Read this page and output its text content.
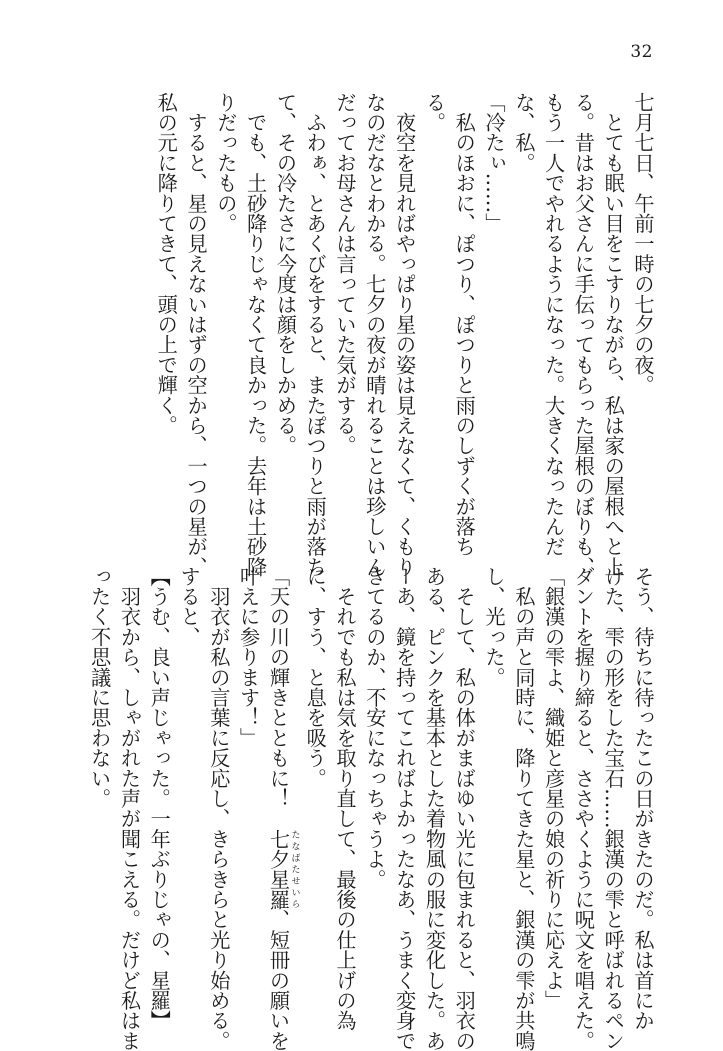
32

七月七日、午前一時の七夕の夜。

　とても眠い目をこすりながら、私は家の屋根へと上

る。昔はお父さんに手伝ってもらった屋根のぼりも、

もう一人でやれるようになった。大きくなったんだ

な、私。

「冷たぃ……」

　私のほおに、ぽつり、ぽつりと雨のしずくが落ち

る。

　夜空を見ればやっぱり星の姿は見えなくて、くもり

なのだなとわかる。七夕の夜が晴れることは珍しいん

だってお母さんは言っていた気がする。

　ふわぁ、とあくびをすると、またぽつりと雨が落ち

て、その冷たさに今度は顔をしかめる。

　でも、土砂降りじゃなくて良かった。去年は土砂降

りだったもの。

　すると、星の見えないはずの空から、一つの星が、

私の元に降りてきて、頭の上で輝く。

そう、待ちに待ったこの日がきたのだ。私は首にか

けた、雫の形をした宝石……銀漢の雫と呼ばれるペン

ダントを握り締ると、ささやくように呪文を唱えた。

「銀漢の雫よ、織姫と彦星の娘の祈りに応えよ」

　私の声と同時に、降りてきた星と、銀漢の雫が共鳴

し、光った。

　そして、私の体がまばゆい光に包まれると、羽衣の

ある、ピンクを基本とした着物風の服に変化した。あ

ーあ、鏡を持ってこればよかったなあ、うまく変身で

きてるのか、不安になっちゃうよ。

　それでも私は気を取り直して、最後の仕上げの為

に、すう、と息を吸う。

「天の川の輝きとともに！　七夕星羅 たなばたせいら、短冊の願いを

叶えに参ります！」

　羽衣が私の言葉に反応し、きらきらと光り始める。

すると、

【うむ、良い声じゃった。一年ぶりじゃの、星羅】

　羽衣から、しゃがれた声が聞こえる。だけど私はま

ったく不思議に思わない。
